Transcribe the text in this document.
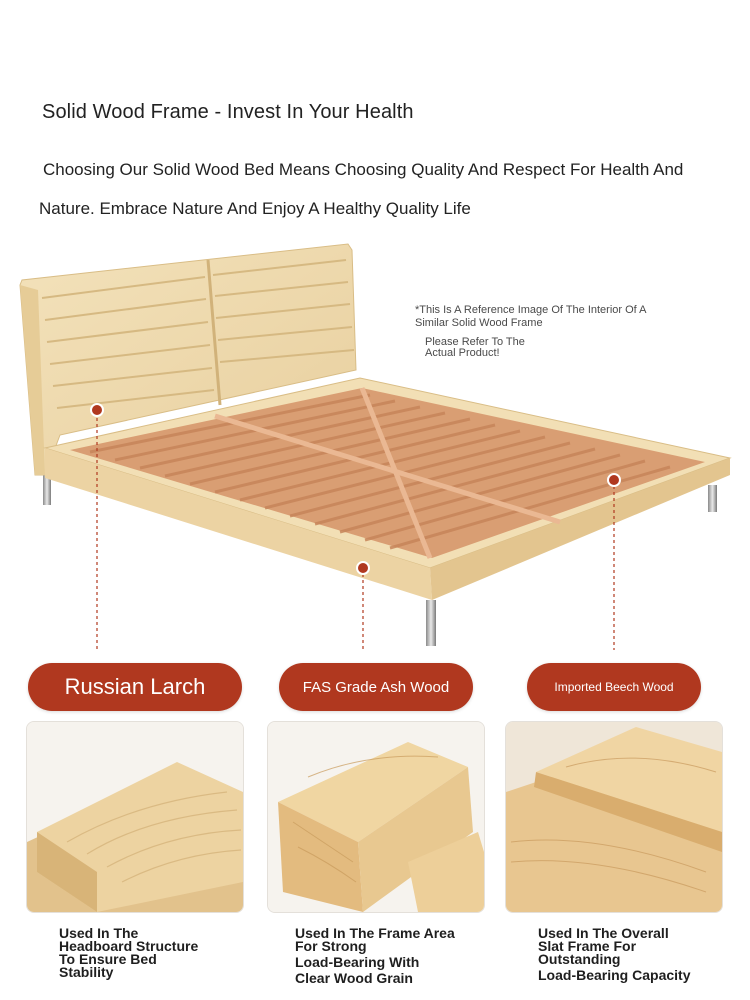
Solid Wood Frame - Invest In Your Health
Choosing Our Solid Wood Bed Means Choosing Quality And Respect For Health And
Nature. Embrace Nature And Enjoy A Healthy Quality Life
*This Is A Reference Image Of The Interior Of A
Similar Solid Wood Frame
Please Refer To The
Actual Product!
Russian Larch	FAS Grade Ash Wood	Imported Beech Wood
Used In The
Headboard Structure
To Ensure Bed
Stability
Used In The Frame Area
For Strong
Load-Bearing With
Clear Wood Grain
Used In The Overall
Slat Frame For
Outstanding
Load-Bearing Capacity
